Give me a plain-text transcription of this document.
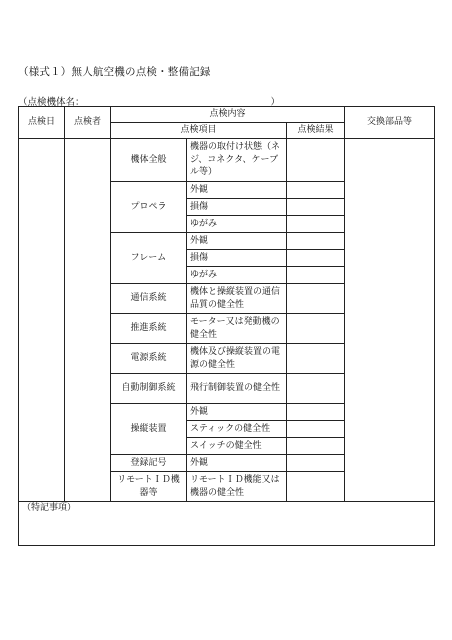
（様式１）無人航空機の点検・整備記録
（点検機体名：	）
点検日	点検者	点検内容			交換部品等
		点検項目		点検結果	
		機体全般	機器の取付け状態（ネジ、コネクタ、ケーブル等）		
		プロペラ	外観		
			損傷		
			ゆがみ		
		フレーム	外観		
			損傷		
			ゆがみ		
		通信系統	機体と操縦装置の通信品質の健全性		
		推進系統	モーター又は発動機の健全性		
		電源系統	機体及び操縦装置の電源の健全性		
		自動制御系統	飛行制御装置の健全性		
		操縦装置	外観		
			スティックの健全性		
			スイッチの健全性		
		登録記号	外観		
		リモートＩＤ機器等	リモートＩＤ機能又は機器の健全性		
（特記事項）					
